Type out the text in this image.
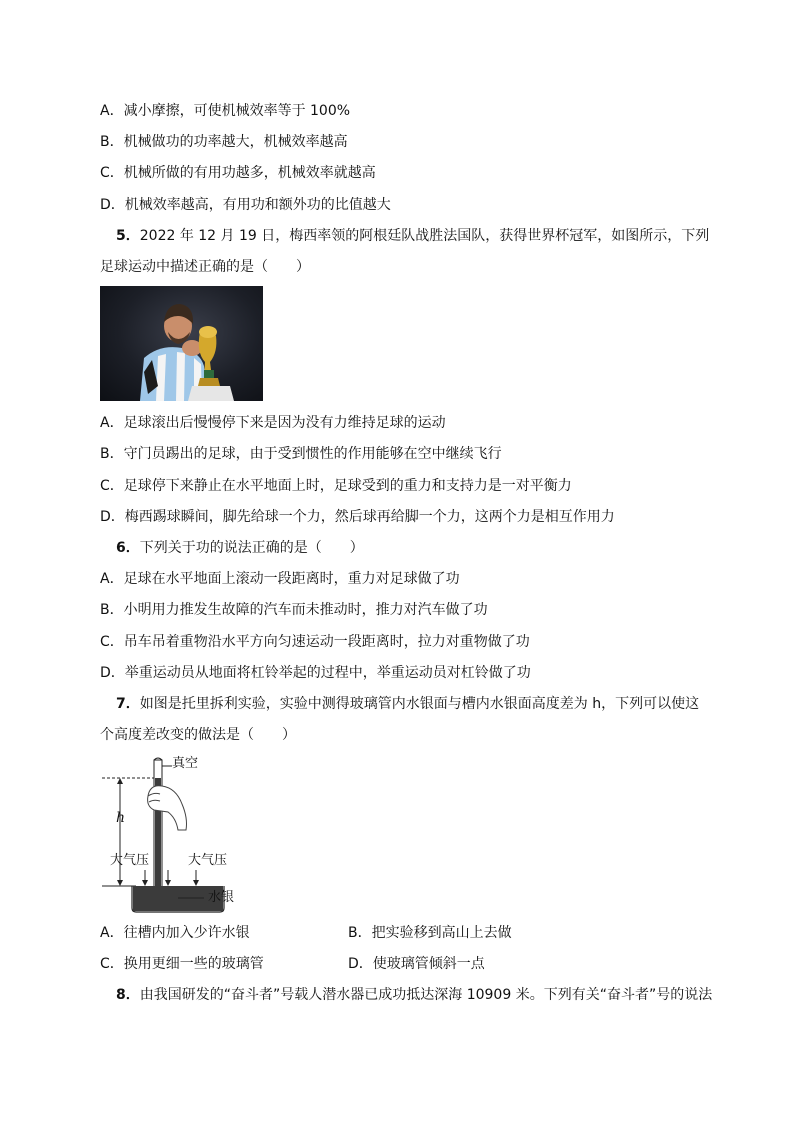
A．减小摩擦，可使机械效率等于 100%
B．机械做功的功率越大，机械效率越高
C．机械所做的有用功越多，机械效率就越高
D．机械效率越高，有用功和额外功的比值越大
5．2022 年 12 月 19 日，梅西率领的阿根廷队战胜法国队，获得世界杯冠军，如图所示，下列
足球运动中描述正确的是（　　）
A．足球滚出后慢慢停下来是因为没有力维持足球的运动
B．守门员踢出的足球，由于受到惯性的作用能够在空中继续飞行
C．足球停下来静止在水平地面上时，足球受到的重力和支持力是一对平衡力
D．梅西踢球瞬间，脚先给球一个力，然后球再给脚一个力，这两个力是相互作用力
6．下列关于功的说法正确的是（　　）
A．足球在水平地面上滚动一段距离时，重力对足球做了功
B．小明用力推发生故障的汽车而未推动时，推力对汽车做了功
C．吊车吊着重物沿水平方向匀速运动一段距离时，拉力对重物做了功
D．举重运动员从地面将杠铃举起的过程中，举重运动员对杠铃做了功
7．如图是托里拆利实验，实验中测得玻璃管内水银面与槽内水银面高度差为 h，下列可以使这
个高度差改变的做法是（　　）
真空
h
大气压	大气压
水银
A．往槽内加入少许水银	B．把实验移到高山上去做
C．换用更细一些的玻璃管	D．使玻璃管倾斜一点
8．由我国研发的“奋斗者”号载人潜水器已成功抵达深海 10909 米。下列有关“奋斗者”号的说法
